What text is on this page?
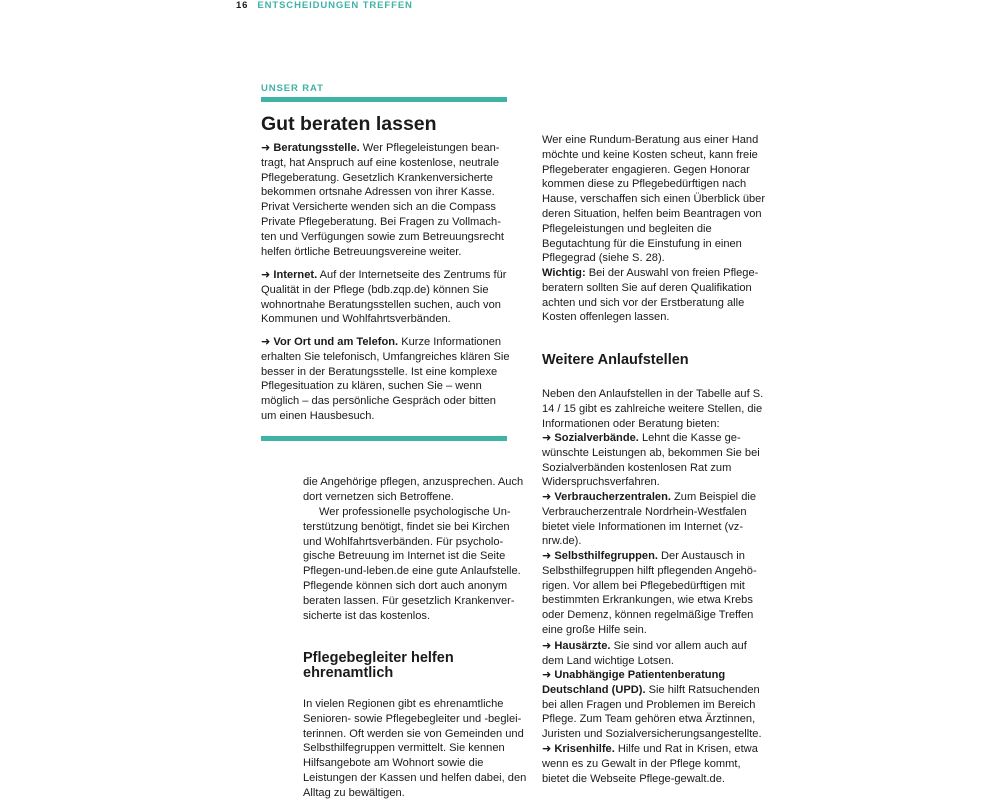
16 ENTSCHEIDUNGEN TREFFEN
UNSER RAT
Gut beraten lassen

➜ Beratungsstelle. Wer Pflegeleistungen beantragt, hat Anspruch auf eine kostenlose, neutrale Pflegeberatung. Gesetzlich Krankenversicherte bekommen ortsnahe Adressen von ihrer Kasse. Privat Versicherte wenden sich an die Compass Private Pflegeberatung. Bei Fragen zu Vollmachten und Verfügungen sowie zum Betreuungsrecht helfen örtliche Betreuungsvereine weiter.

➜ Internet. Auf der Internetseite des Zentrums für Qualität in der Pflege (bdb.zqp.de) können Sie wohnortnahe Beratungsstellen suchen, auch von Kommunen und Wohlfahrtsverbänden.

➜ Vor Ort und am Telefon. Kurze Informationen erhalten Sie telefonisch, Umfangreiches klären Sie besser in der Beratungsstelle. Ist eine komplexe Pflegesituation zu klären, suchen Sie – wenn möglich – das persönliche Gespräch oder bitten um einen Hausbesuch.

die Angehörige pflegen, anzusprechen. Auch dort vernetzen sich Betroffene.

Wer professionelle psychologische Unterstützung benötigt, findet sie bei Kirchen und Wohlfahrtsverbänden. Für psychologische Betreuung im Internet ist die Seite Pflegen-und-leben.de eine gute Anlaufstelle. Pflegende können sich dort auch anonym beraten lassen. Für gesetzlich Krankenversicherte ist das kostenlos.

Pflegebegleiter helfen ehrenamtlich

In vielen Regionen gibt es ehrenamtliche Senioren- sowie Pflegebegleiter und -begleiterinnen. Oft werden sie von Gemeinden und Selbsthilfegruppen vermittelt. Sie kennen Hilfsangebote am Wohnort sowie die Leistungen der Kassen und helfen dabei, den Alltag zu bewältigen.

Wer eine Rundum-Beratung aus einer Hand möchte und keine Kosten scheut, kann freie Pflegeberater engagieren. Gegen Honorar kommen diese zu Pflegebedürftigen nach Hause, verschaffen sich einen Überblick über deren Situation, helfen beim Beantragen von Pflegeleistungen und begleiten die Begutachtung für die Einstufung in einen Pflegegrad (siehe S. 28).

Wichtig: Bei der Auswahl von freien Pflegeberatern sollten Sie auf deren Qualifikation achten und sich vor der Erstberatung alle Kosten offenlegen lassen.

Weitere Anlaufstellen

Neben den Anlaufstellen in der Tabelle auf S. 14 / 15 gibt es zahlreiche weitere Stellen, die Informationen oder Beratung bieten:

➜ Sozialverbände. Lehnt die Kasse gewünschte Leistungen ab, bekommen Sie bei Sozialverbänden kostenlosen Rat zum Widerspruchsverfahren.

➜ Verbraucherzentralen. Zum Beispiel die Verbraucherzentrale Nordrhein-Westfalen bietet viele Informationen im Internet (vz-nrw.de).

➜ Selbsthilfegruppen. Der Austausch in Selbsthilfegruppen hilft pflegenden Angehörigen. Vor allem bei Pflegebedürftigen mit bestimmten Erkrankungen, wie etwa Krebs oder Demenz, können regelmäßige Treffen eine große Hilfe sein.

➜ Hausärzte. Sie sind vor allem auch auf dem Land wichtige Lotsen.

➜ Unabhängige Patientenberatung Deutschland (UPD). Sie hilft Ratsuchenden bei allen Fragen und Problemen im Bereich Pflege. Zum Team gehören etwa Ärztinnen, Juristen und Sozialversicherungsangestellte.

➜ Krisenhilfe. Hilfe und Rat in Krisen, etwa wenn es zu Gewalt in der Pflege kommt, bietet die Webseite Pflege-gewalt.de.
